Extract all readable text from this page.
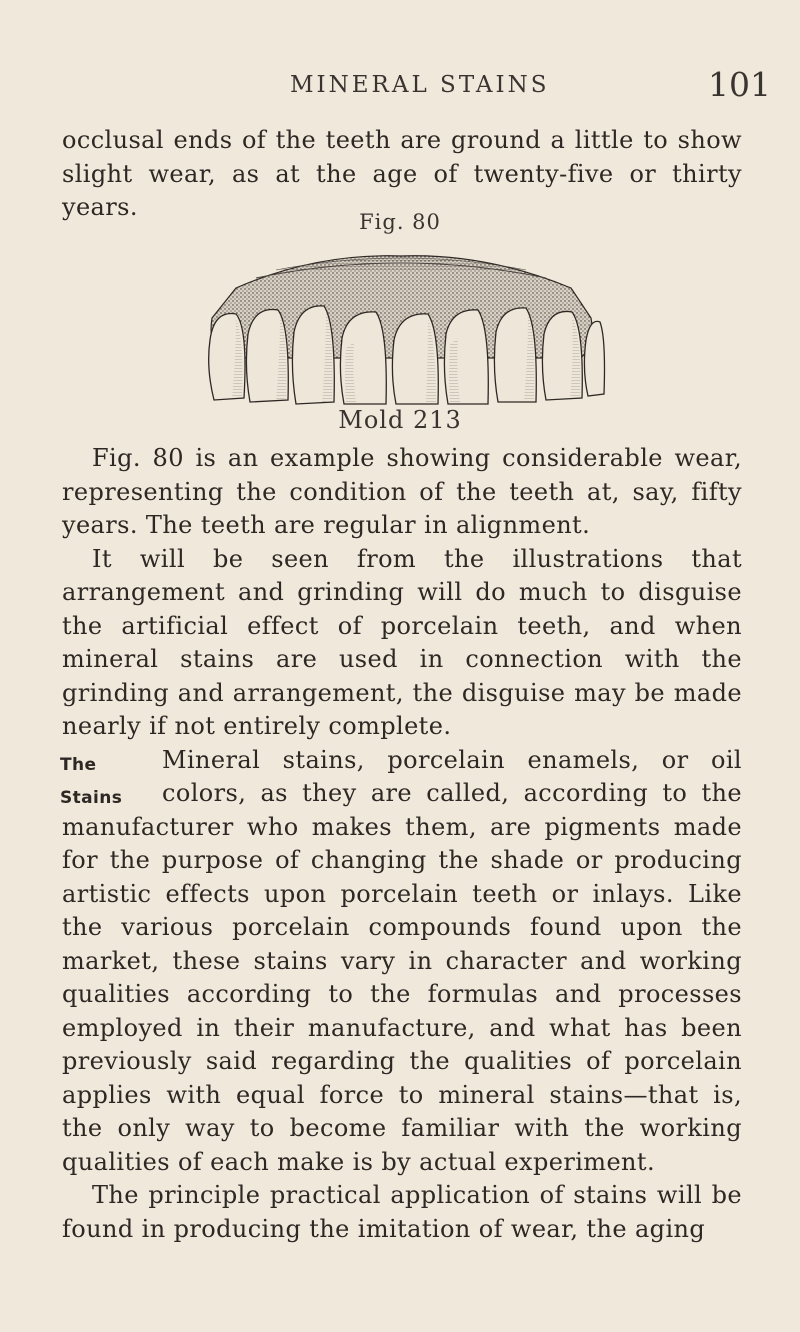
MINERAL STAINS	101
occlusal ends of the teeth are ground a little to show slight wear, as at the age of twenty-five or thirty years.
Fig. 80
Mold 213

Fig. 80 is an example showing considerable wear, representing the condition of the teeth at, say, fifty years. The teeth are regular in alignment.

It will be seen from the illustrations that arrangement and grinding will do much to disguise the artificial effect of porcelain teeth, and when mineral stains are used in connection with the grinding and arrangement, the disguise may be made nearly if not entirely complete.

The
Stains

Mineral stains, porcelain enamels, or oil colors, as they are called, according to the manufacturer who makes them, are pigments made for the purpose of changing the shade or producing artistic effects upon porcelain teeth or inlays. Like the various porcelain compounds found upon the market, these stains vary in character and working qualities according to the formulas and processes employed in their manufacture, and what has been previously said regarding the qualities of porcelain applies with equal force to mineral stains—that is, the only way to become familiar with the working qualities of each make is by actual experiment.

The principle practical application of stains will be found in producing the imitation of wear, the aging
